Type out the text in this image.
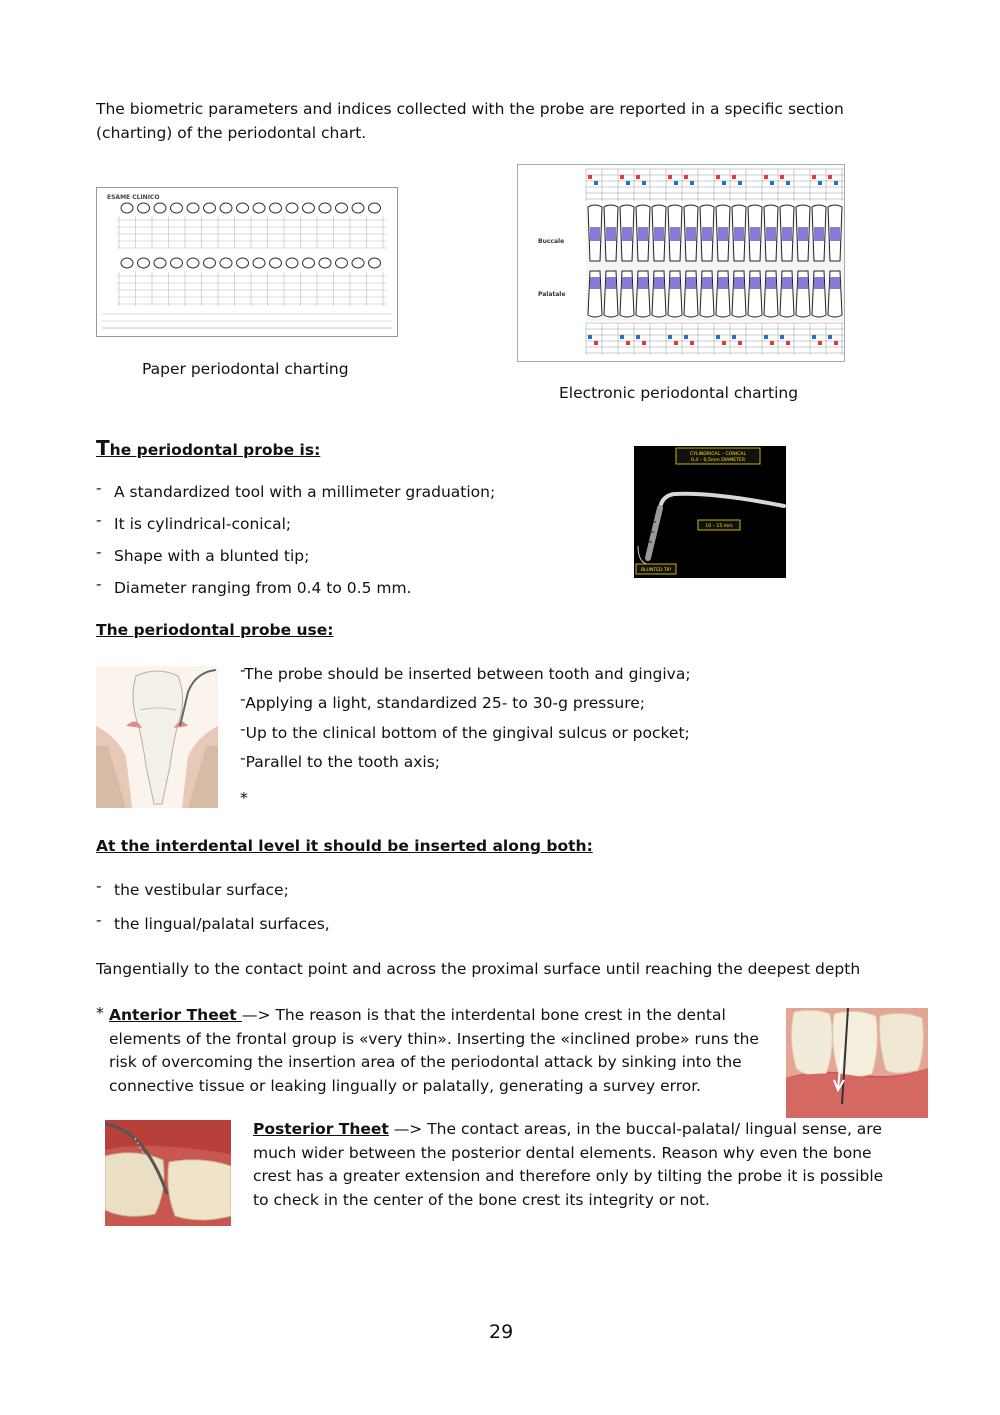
The biometric parameters and indices collected with the probe are reported in a specific section (charting) of the periodontal chart.

ESAME CLINICO

Paper periodontal charting

Buccale
Palatale

Electronic periodontal charting

The periodontal probe is:

- A standardized tool with a millimeter graduation;

- It is cylindrical-conical;

- Shape with a blunted tip;

- Diameter ranging from 0.4 to 0.5 mm.

CYLINDRICAL – CONICAL
0,4 – 0,5mm DIAMETER
10 – 15 mm
BLUNTED TIP

The periodontal probe use:

-The probe should be inserted between tooth and gingiva;

-Applying a light, standardized 25- to 30-g pressure;

-Up to the clinical bottom of the gingival sulcus or pocket;

-Parallel to the tooth axis;

*

At the interdental level it should be inserted along both:

- the vestibular surface;

- the lingual/palatal surfaces,

Tangentially to the contact point and across the proximal surface until reaching the deepest depth

* Anterior Theet —> The reason is that the interdental bone crest in the dental elements of the frontal group is «very thin». Inserting the «inclined probe» runs the risk of overcoming the insertion area of the periodontal attack by sinking into the connective tissue or leaking lingually or palatally, generating a survey error.

Posterior Theet —> The contact areas, in the buccal-palatal/ lingual sense, are much wider between the posterior dental elements. Reason why even the bone crest has a greater extension and therefore only by tilting the probe it is possible to check in the center of the bone crest its integrity or not.

29
